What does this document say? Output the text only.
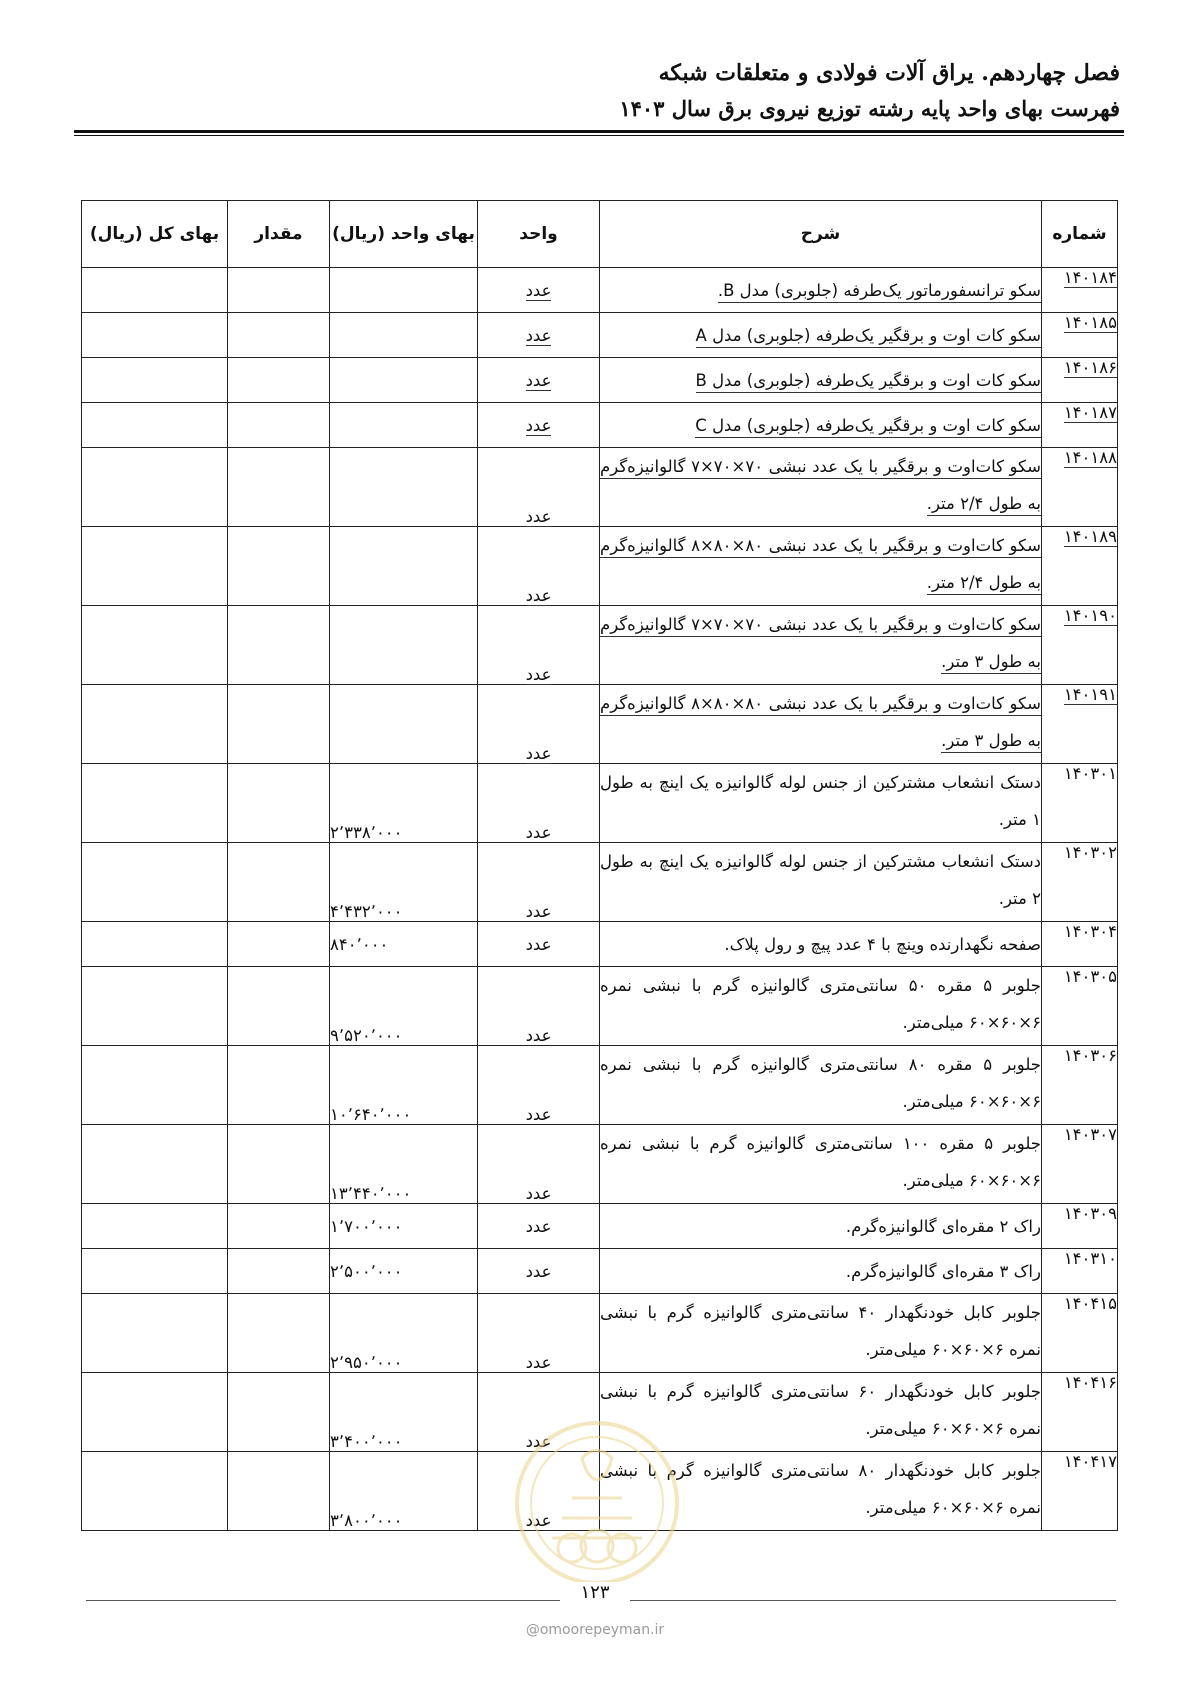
فصل چهاردهم. یراق آلات فولادی و متعلقات شبکه
فهرست بهای واحد پایه رشته توزیع نیروی برق سال ۱۴۰۳
شماره	شرح	واحد	بهای واحد (ریال)	مقدار	بهای کل (ریال)
۱۴۰۱۸۴	سکو ترانسفورماتور یک‌طرفه (جلوبری) مدل B.	عدد			
۱۴۰۱۸۵	سکو کات اوت و برقگیر یک‌طرفه (جلوبری) مدل A	عدد			
۱۴۰۱۸۶	سکو کات اوت و برقگیر یک‌طرفه (جلوبری) مدل B	عدد			
۱۴۰۱۸۷	سکو کات اوت و برقگیر یک‌طرفه (جلوبری) مدل C	عدد			
۱۴۰۱۸۸	سکو کات‌اوت و برقگیر با یک عدد نبشی ۷۰×۷۰×۷ گالوانیزه‌گرم به طول ۲/۴ متر.	عدد			
۱۴۰۱۸۹	سکو کات‌اوت و برقگیر با یک عدد نبشی ۸۰×۸۰×۸ گالوانیزه‌گرم به طول ۲/۴ متر.	عدد			
۱۴۰۱۹۰	سکو کات‌اوت و برقگیر با یک عدد نبشی ۷۰×۷۰×۷ گالوانیزه‌گرم به طول ۳ متر.	عدد			
۱۴۰۱۹۱	سکو کات‌اوت و برقگیر با یک عدد نبشی ۸۰×۸۰×۸ گالوانیزه‌گرم به طول ۳ متر.	عدد			
۱۴۰۳۰۱	دستک انشعاب مشترکین از جنس لوله گالوانیزه یک اینچ به طول ۱ متر.	عدد	۲٬۳۳۸٬۰۰۰		
۱۴۰۳۰۲	دستک انشعاب مشترکین از جنس لوله گالوانیزه یک اینچ به طول ۲ متر.	عدد	۴٬۴۳۲٬۰۰۰		
۱۴۰۳۰۴	صفحه نگهدارنده وینچ با ۴ عدد پیچ و رول پلاک.	عدد	۸۴۰٬۰۰۰		
۱۴۰۳۰۵	جلوبر ۵ مقره ۵۰ سانتی‌متری گالوانیزه گرم با نبشی نمره ۶×۶۰×۶۰ میلی‌متر.	عدد	۹٬۵۲۰٬۰۰۰		
۱۴۰۳۰۶	جلوبر ۵ مقره ۸۰ سانتی‌متری گالوانیزه گرم با نبشی نمره ۶×۶۰×۶۰ میلی‌متر.	عدد	۱۰٬۶۴۰٬۰۰۰		
۱۴۰۳۰۷	جلوبر ۵ مقره ۱۰۰ سانتی‌متری گالوانیزه گرم با نبشی نمره ۶×۶۰×۶۰ میلی‌متر.	عدد	۱۳٬۴۴۰٬۰۰۰		
۱۴۰۳۰۹	راک ۲ مقره‌ای گالوانیزه‌گرم.	عدد	۱٬۷۰۰٬۰۰۰		
۱۴۰۳۱۰	راک ۳ مقره‌ای گالوانیزه‌گرم.	عدد	۲٬۵۰۰٬۰۰۰		
۱۴۰۴۱۵	جلوبر کابل خودنگهدار ۴۰ سانتی‌متری گالوانیزه گرم با نبشی نمره ۶×۶۰×۶۰ میلی‌متر.	عدد	۲٬۹۵۰٬۰۰۰		
۱۴۰۴۱۶	جلوبر کابل خودنگهدار ۶۰ سانتی‌متری گالوانیزه گرم با نبشی نمره ۶×۶۰×۶۰ میلی‌متر.	عدد	۳٬۴۰۰٬۰۰۰		
۱۴۰۴۱۷	جلوبر کابل خودنگهدار ۸۰ سانتی‌متری گالوانیزه گرم با نبشی نمره ۶×۶۰×۶۰ میلی‌متر.	عدد	۳٬۸۰۰٬۰۰۰		
۱۲۳
@omoorepeyman.ir
